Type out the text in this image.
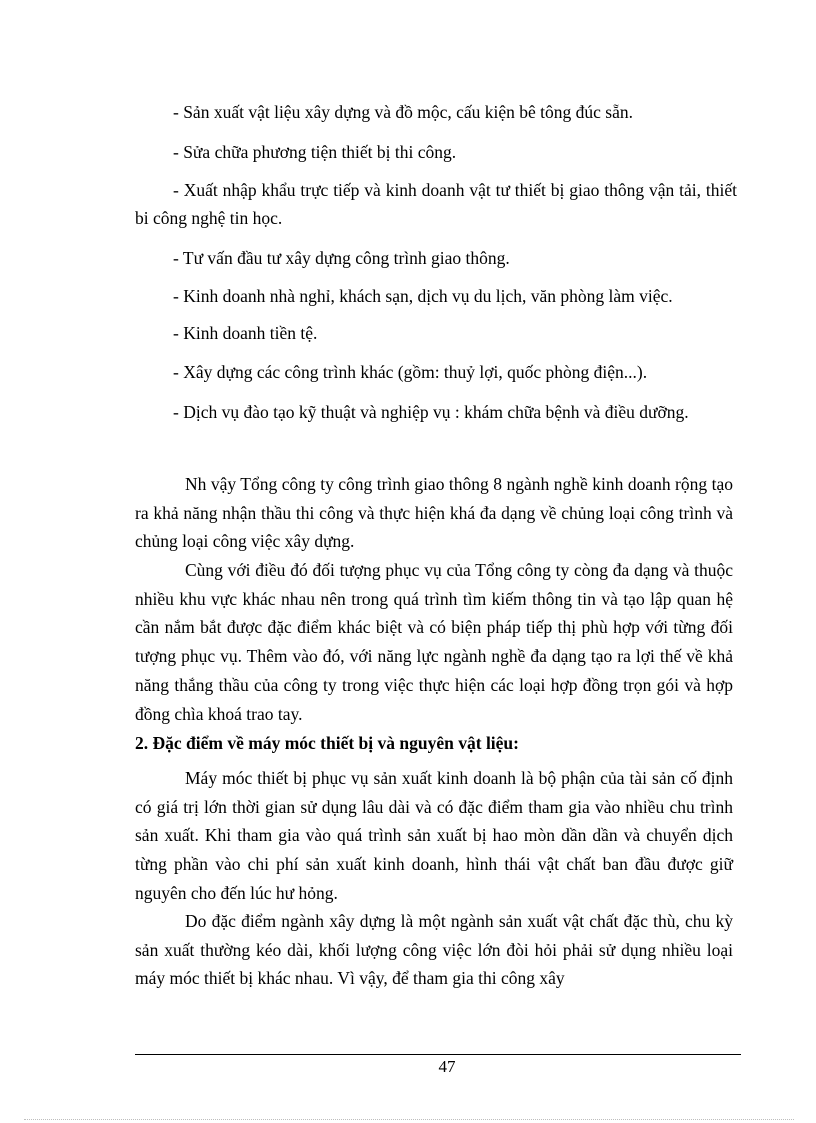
- Sản xuất vật liệu xây dựng và đồ mộc, cấu kiện bê tông đúc sẵn.
- Sửa chữa phương tiện thiết bị thi công.
- Xuất nhập khẩu trực tiếp và kinh doanh vật tư thiết bị giao thông vận tải, thiết bi công nghệ tin học.
- Tư vấn đầu tư xây dựng công trình giao thông.
- Kinh doanh nhà nghỉ, khách sạn, dịch vụ du lịch, văn phòng làm việc.
- Kinh doanh tiền tệ.
- Xây dựng các công trình khác (gồm: thuỷ lợi, quốc phòng điện...).
- Dịch vụ đào tạo kỹ thuật và nghiệp vụ : khám chữa bệnh và điều dưỡng.
Nh vậy Tổng công ty công trình giao thông 8 ngành nghề kinh doanh rộng tạo ra khả năng nhận thầu thi công và thực hiện khá đa dạng về chủng loại công trình và chủng loại công việc xây dựng.
Cùng với điều đó đối tượng phục vụ của Tổng công ty còng đa dạng và thuộc nhiều khu vực khác nhau nên trong quá trình tìm kiếm thông tin và tạo lập quan hệ cần nắm bắt được đặc điểm khác biệt và có biện pháp tiếp thị phù hợp với từng đối tượng phục vụ. Thêm vào đó, với năng lực ngành nghề đa dạng tạo ra lợi thế về khả năng thắng thầu của công ty trong việc thực hiện các loại hợp đồng trọn gói và hợp đồng chìa khoá trao tay.
2. Đặc điểm về máy móc thiết bị và nguyên vật liệu:
Máy móc thiết bị phục vụ sản xuất kinh doanh là bộ phận của tài sản cố định có giá trị lớn thời gian sử dụng lâu dài và có đặc điểm tham gia vào nhiều chu trình sản xuất. Khi tham gia vào quá trình sản xuất bị hao mòn dần dần và chuyển dịch từng phần vào chi phí sản xuất kinh doanh, hình thái vật chất ban đầu được giữ nguyên cho đến lúc hư hỏng.
Do đặc điểm ngành xây dựng là một ngành sản xuất vật chất đặc thù, chu kỳ sản xuất thường kéo dài, khối lượng công việc lớn đòi hỏi phải sử dụng nhiều loại máy móc thiết bị khác nhau. Vì vậy, để tham gia thi công xây
47
